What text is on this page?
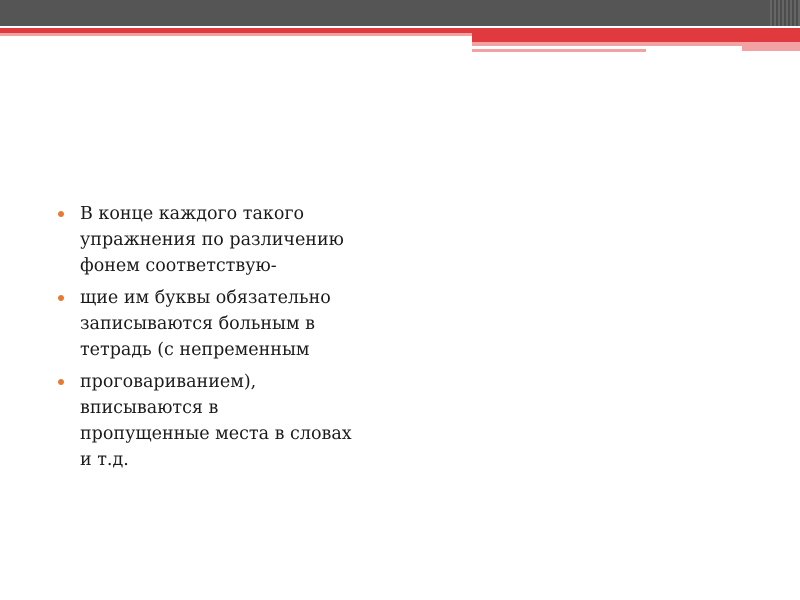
В конце каждого такого
упражнения по различению
фонем соответствую-
щие им буквы обязательно
записываются больным в
тетрадь (с непременным
проговариванием),
вписываются в
пропущенные места в словах
и т.д.
